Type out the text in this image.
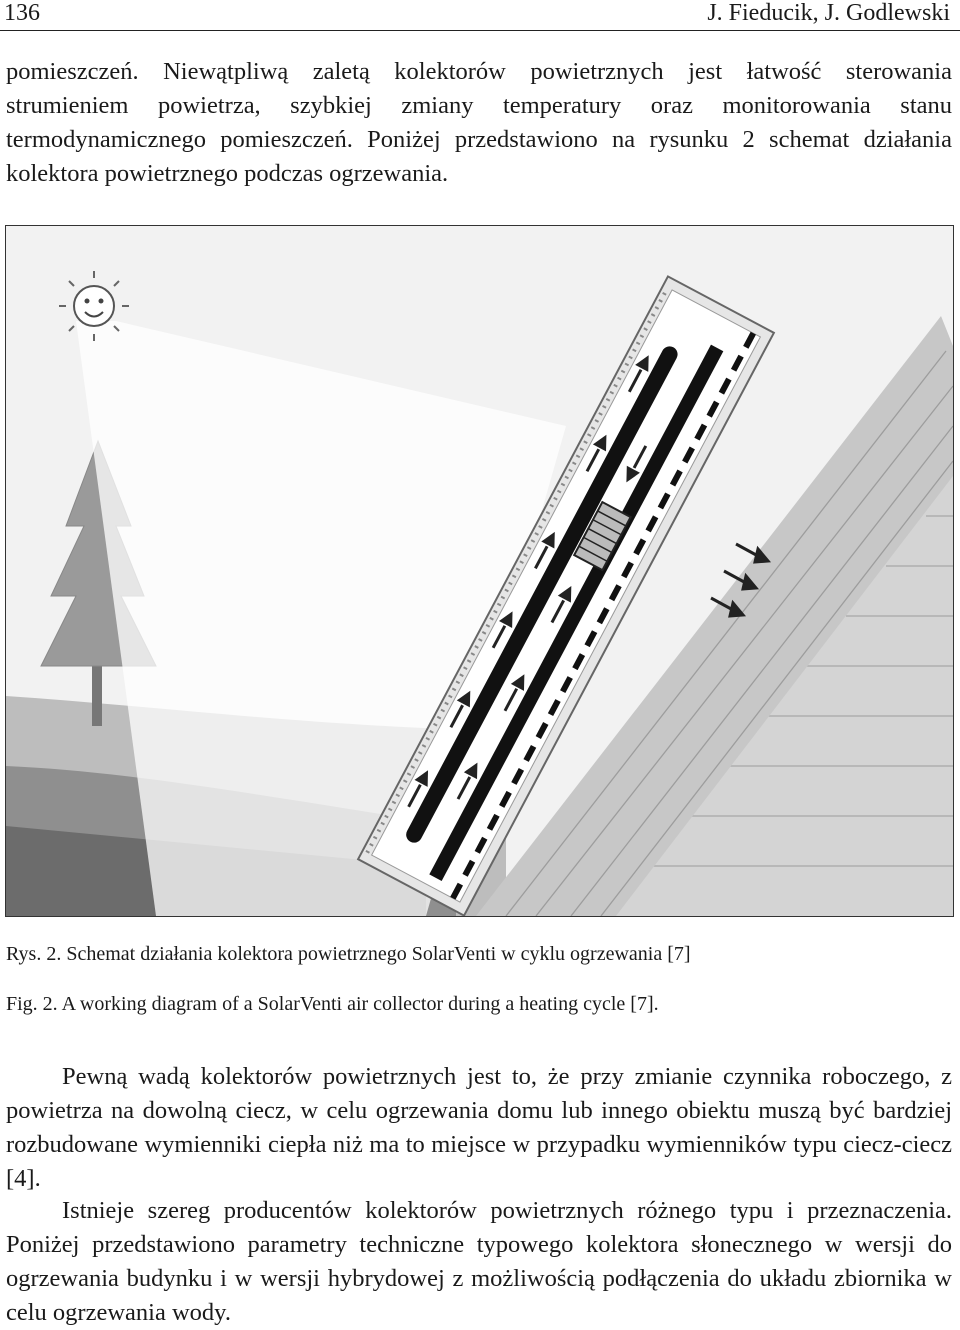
136	J. Fieducik, J. Godlewski

pomieszczeń. Niewątpliwą zaletą kolektorów powietrznych jest łatwość sterowania strumieniem powietrza, szybkiej zmiany temperatury oraz monitorowania stanu termodynamicznego pomieszczeń. Poniżej przedstawiono na rysunku 2 schemat działania kolektora powietrznego podczas ogrzewania.

Rys. 2. Schemat działania kolektora powietrznego SolarVenti w cyklu ogrzewania [7]
Fig. 2. A working diagram of a SolarVenti air collector during a heating cycle [7].

Pewną wadą kolektorów powietrznych jest to, że przy zmianie czynnika roboczego, z powietrza na dowolną ciecz, w celu ogrzewania domu lub innego obiektu muszą być bardziej rozbudowane wymienniki ciepła niż ma to miejsce w przypadku wymienników typu ciecz-ciecz [4].

Istnieje szereg producentów kolektorów powietrznych różnego typu i przeznaczenia. Poniżej przedstawiono parametry techniczne typowego kolektora słonecznego w wersji do ogrzewania budynku i w wersji hybrydowej z możliwością podłączenia do układu zbiornika w celu ogrzewania wody.
